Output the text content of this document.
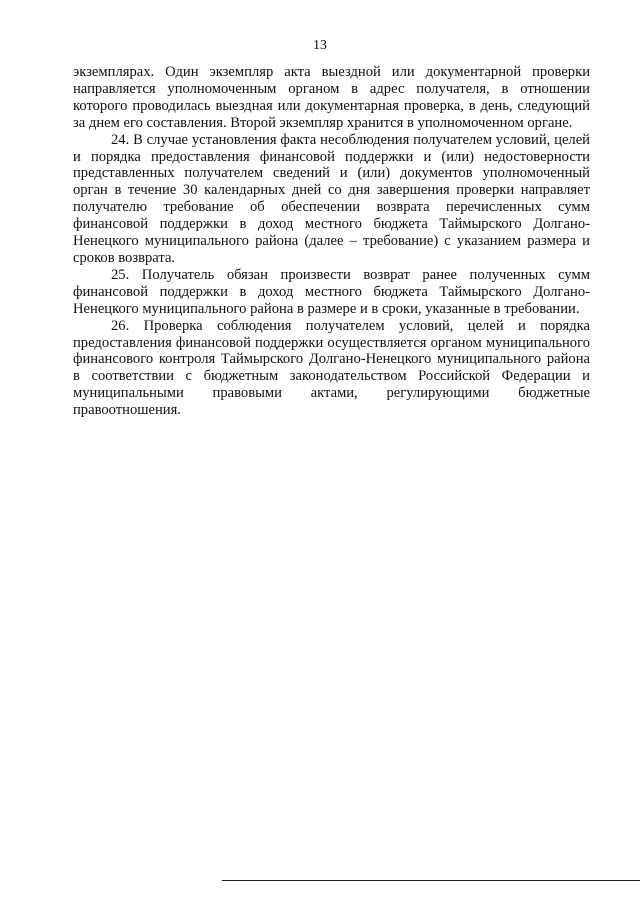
13

экземплярах. Один экземпляр акта выездной или документарной проверки направляется уполномоченным органом в адрес получателя, в отношении которого проводилась выездная или документарная проверка, в день, следующий за днем его составления. Второй экземпляр хранится в уполномоченном органе.

24. В случае установления факта несоблюдения получателем условий, целей и порядка предоставления финансовой поддержки и (или) недостоверности представленных получателем сведений и (или) документов уполномоченный орган в течение 30 календарных дней со дня завершения проверки направляет получателю требование об обеспечении возврата перечисленных сумм финансовой поддержки в доход местного бюджета Таймырского Долгано-Ненецкого муниципального района (далее – требование) с указанием размера и сроков возврата.

25. Получатель обязан произвести возврат ранее полученных сумм финансовой поддержки в доход местного бюджета Таймырского Долгано-Ненецкого муниципального района в размере и в сроки, указанные в требовании.

26. Проверка соблюдения получателем условий, целей и порядка предоставления финансовой поддержки осуществляется органом муниципального финансового контроля Таймырского Долгано-Ненецкого муниципального района в соответствии с бюджетным законодательством Российской Федерации и муниципальными правовыми актами, регулирующими бюджетные правоотношения.
